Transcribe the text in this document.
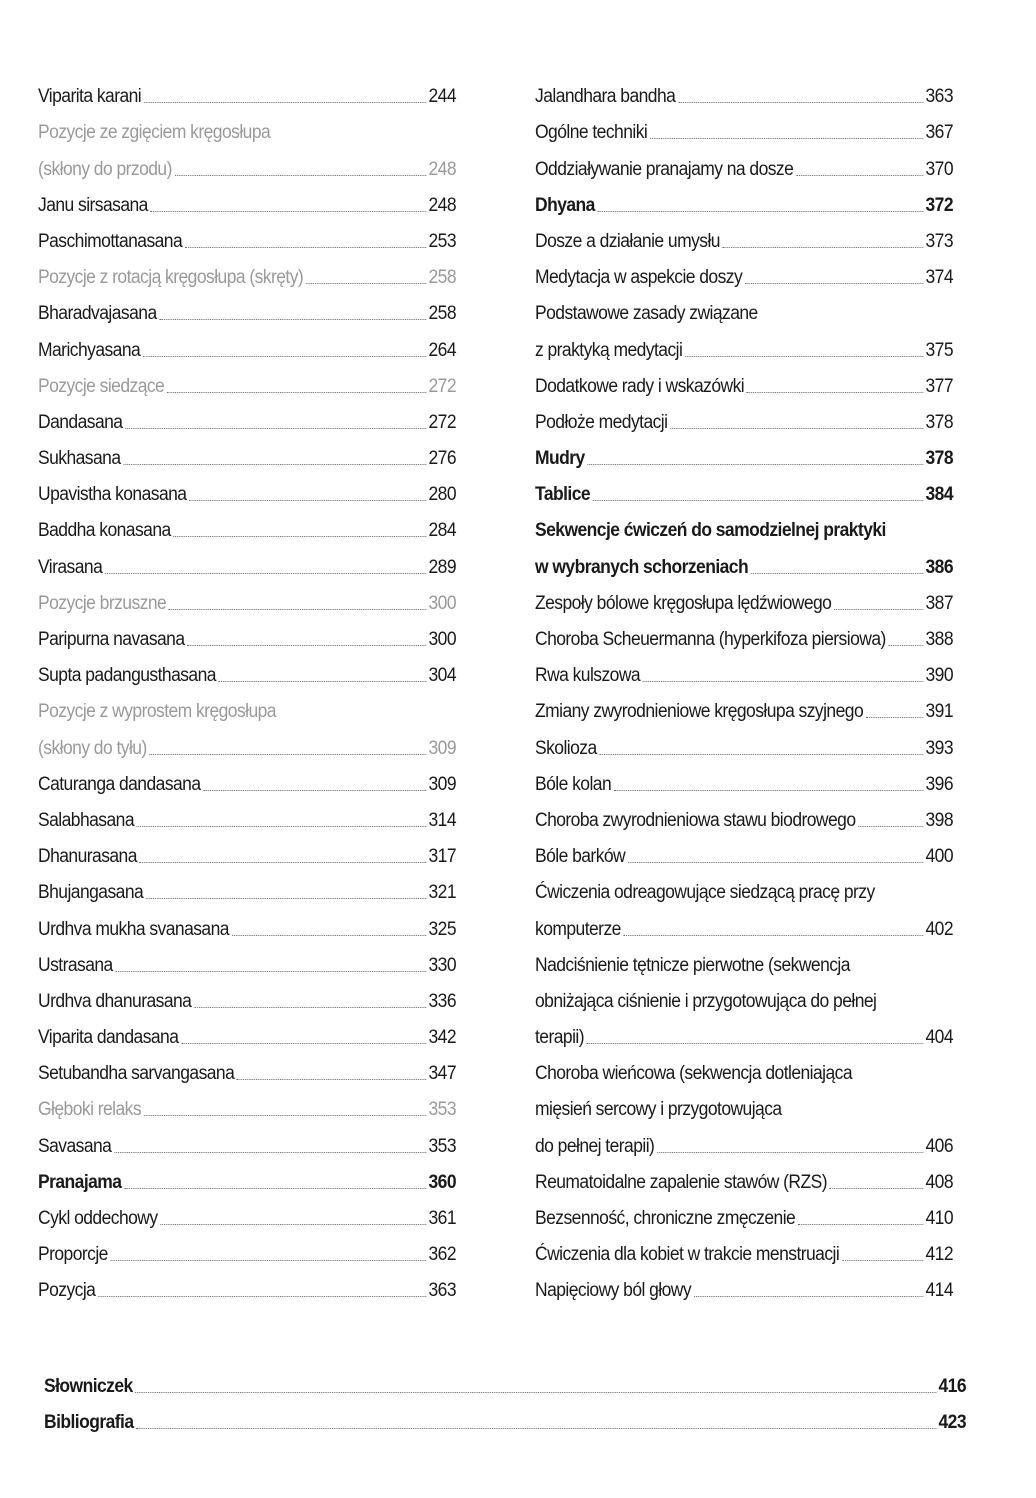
Viparita karani	244
Pozycje ze zgięciem kręgosłupa
(skłony do przodu)	248
Janu sirsasana	248
Paschimottanasana	253
Pozycje z rotacją kręgosłupa (skręty)	258
Bharadvajasana	258
Marichyasana	264
Pozycje siedzące	272
Dandasana	272
Sukhasana	276
Upavistha konasana	280
Baddha konasana	284
Virasana	289
Pozycje brzuszne	300
Paripurna navasana	300
Supta padangusthasana	304
Pozycje z wyprostem kręgosłupa
(skłony do tyłu)	309
Caturanga dandasana	309
Salabhasana	314
Dhanurasana	317
Bhujangasana	321
Urdhva mukha svanasana	325
Ustrasana	330
Urdhva dhanurasana	336
Viparita dandasana	342
Setubandha sarvangasana	347
Głęboki relaks	353
Savasana	353
Pranajama	360
Cykl oddechowy	361
Proporcje	362
Pozycja	363
Jalandhara bandha	363
Ogólne techniki	367
Oddziaływanie pranajamy na dosze	370
Dhyana	372
Dosze a działanie umysłu	373
Medytacja w aspekcie doszy	374
Podstawowe zasady związane
z praktyką medytacji	375
Dodatkowe rady i wskazówki	377
Podłoże medytacji	378
Mudry	378
Tablice	384
Sekwencje ćwiczeń do samodzielnej praktyki
w wybranych schorzeniach	386
Zespoły bólowe kręgosłupa lędźwiowego	387
Choroba Scheuermanna (hyperkifoza piersiowa) 388
Rwa kulszowa	390
Zmiany zwyrodnieniowe kręgosłupa szyjnego	391
Skolioza	393
Bóle kolan	396
Choroba zwyrodnieniowa stawu biodrowego	398
Bóle barków	400
Ćwiczenia odreagowujące siedzącą pracę przy
komputerze	402
Nadciśnienie tętnicze pierwotne (sekwencja
obniżająca ciśnienie i przygotowująca do pełnej
terapii)	404
Choroba wieńcowa (sekwencja dotleniająca
mięsień sercowy i przygotowująca
do pełnej terapii)	406
Reumatoidalne zapalenie stawów (RZS)	408
Bezsenność, chroniczne zmęczenie	410
Ćwiczenia dla kobiet w trakcie menstruacji	412
Napięciowy ból głowy	414
Słowniczek	416
Bibliografia	423
